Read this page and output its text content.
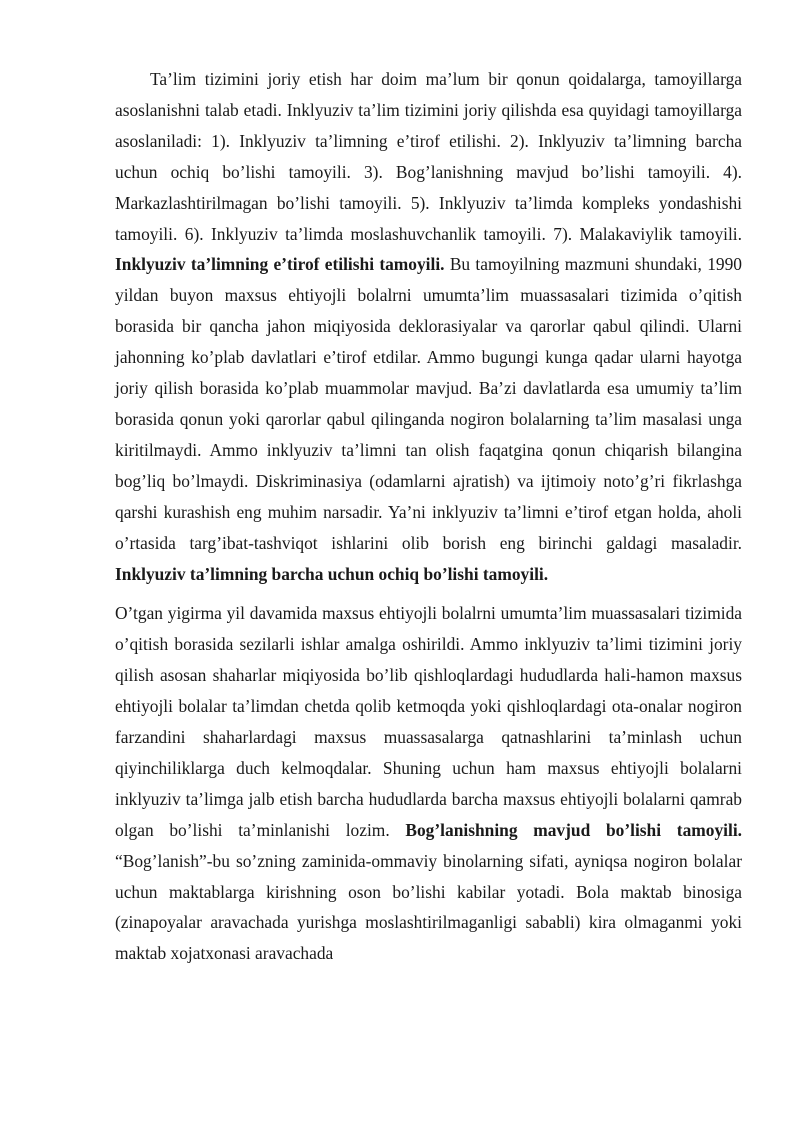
Ta’lim tizimini joriy etish har doim ma’lum bir qonun qoidalarga, tamoyillarga asoslanishni talab etadi. Inklyuziv ta’lim tizimini joriy qilishda esa quyidagi tamoyillarga asoslaniladi: 1). Inklyuziv ta’limning e’tirof etilishi. 2). Inklyuziv ta’limning barcha uchun ochiq bo’lishi tamoyili. 3). Bog’lanishning mavjud bo’lishi tamoyili. 4). Markazlashtirilmagan bo’lishi tamoyili. 5). Inklyuziv ta’limda kompleks yondashishi tamoyili. 6). Inklyuziv ta’limda moslashuvchanlik tamoyili. 7). Malakaviylik tamoyili. Inklyuziv ta’limning e’tirof etilishi tamoyili. Bu tamoyilning mazmuni shundaki, 1990 yildan buyon maxsus ehtiyojli bolalrni umumta’lim muassasalari tizimida o’qitish borasida bir qancha jahon miqiyosida deklorasiyalar va qarorlar qabul qilindi. Ularni jahonning ko’plab davlatlari e’tirof etdilar. Ammo bugungi kunga qadar ularni hayotga joriy qilish borasida ko’plab muammolar mavjud. Ba’zi davlatlarda esa umumiy ta’lim borasida qonun yoki qarorlar qabul qilinganda nogiron bolalarning ta’lim masalasi unga kiritilmaydi. Ammo inklyuziv ta’limni tan olish faqatgina qonun chiqarish bilangina bog’liq bo’lmaydi. Diskriminasiya (odamlarni ajratish) va ijtimoiy noto’g’ri fikrlashga qarshi kurashish eng muhim narsadir. Ya’ni inklyuziv ta’limni e’tirof etgan holda, aholi o’rtasida targ’ibat-tashviqot ishlarini olib borish eng birinchi galdagi masaladir. Inklyuziv ta’limning barcha uchun ochiq bo’lishi tamoyili.

O’tgan yigirma yil davamida maxsus ehtiyojli bolalrni umumta’lim muassasalari tizimida o’qitish borasida sezilarli ishlar amalga oshirildi. Ammo inklyuziv ta’limi tizimini joriy qilish asosan shaharlar miqiyosida bo’lib qishloqlardagi hududlarda hali-hamon maxsus ehtiyojli bolalar ta’limdan chetda qolib ketmoqda yoki qishloqlardagi ota-onalar nogiron farzandini shaharlardagi maxsus muassasalarga qatnashlarini ta’minlash uchun qiyinchiliklarga duch kelmoqdalar. Shuning uchun ham maxsus ehtiyojli bolalarni inklyuziv ta’limga jalb etish barcha hududlarda barcha maxsus ehtiyojli bolalarni qamrab olgan bo’lishi ta’minlanishi lozim. Bog’lanishning mavjud bo’lishi tamoyili. “Bog’lanish”-bu so’zning zaminida-ommaviy binolarning sifati, ayniqsa nogiron bolalar uchun maktablarga kirishning oson bo’lishi kabilar yotadi. Bola maktab binosiga (zinapoyalar aravachada yurishga moslashtirilmaganligi sababli) kira olmaganmi yoki maktab xojatxonasi aravachada
